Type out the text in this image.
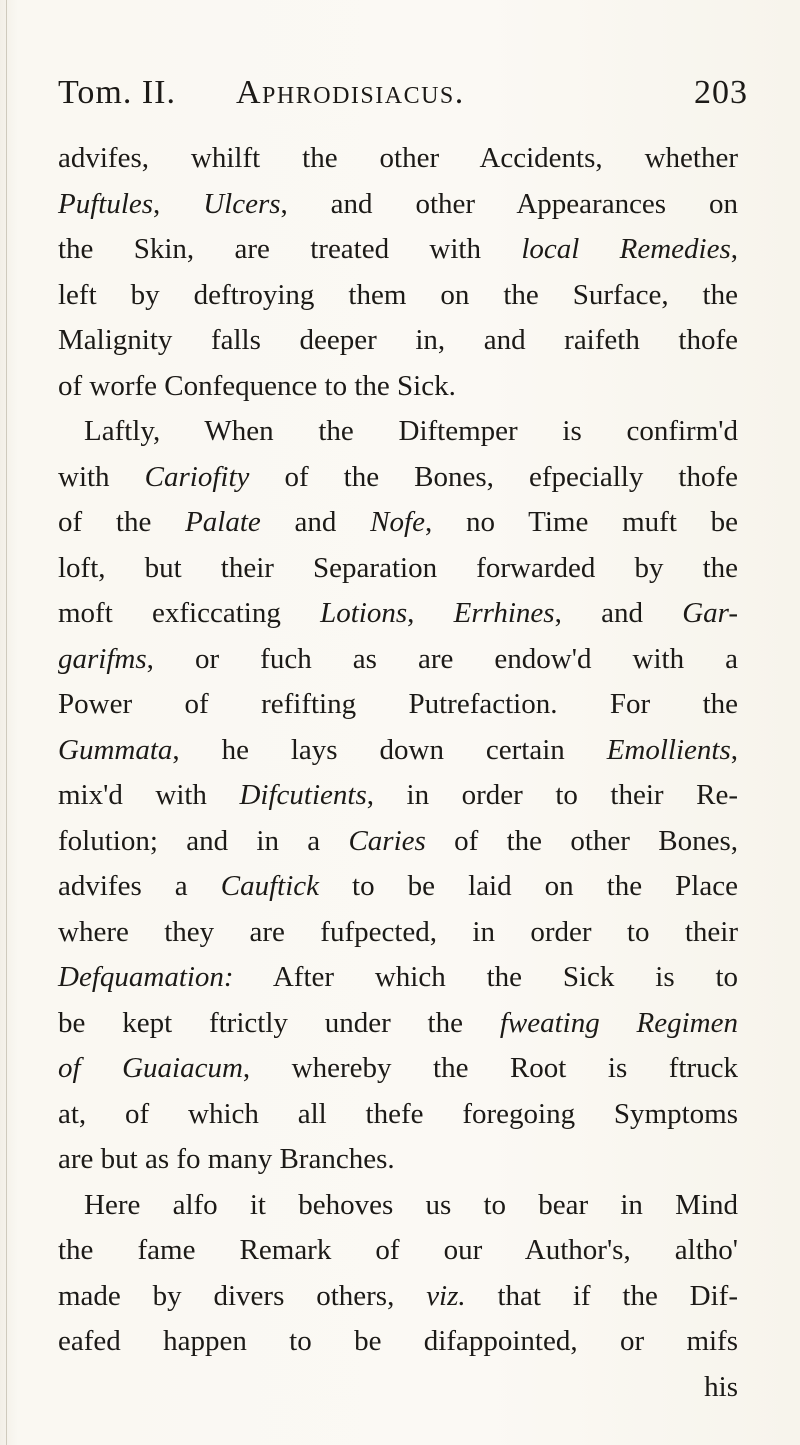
Tom. II. Aphrodisiacus.	203
advifes, whilft the other Accidents, whether
Puftules, Ulcers, and other Appearances on
the Skin, are treated with local Remedies,
left by deftroying them on the Surface, the
Malignity falls deeper in, and raifeth thofe
of worfe Confequence to the Sick.
Laftly, When the Diftemper is confirm'd
with Cariofity of the Bones, efpecially thofe
of the Palate and Nofe, no Time muft be
loft, but their Separation forwarded by the
moft exficcating Lotions, Errhines, and Gar-
garifms, or fuch as are endow'd with a
Power of refifting Putrefaction. For the
Gummata, he lays down certain Emollients,
mix'd with Difcutients, in order to their Re-
folution; and in a Caries of the other Bones,
advifes a Cauftick to be laid on the Place
where they are fufpected, in order to their
Defquamation: After which the Sick is to
be kept ftrictly under the fweating Regimen
of Guaiacum, whereby the Root is ftruck
at, of which all thefe foregoing Symptoms
are but as fo many Branches.
Here alfo it behoves us to bear in Mind
the fame Remark of our Author's, altho'
made by divers others, viz. that if the Dif-
eafed happen to be difappointed, or mifs
his
